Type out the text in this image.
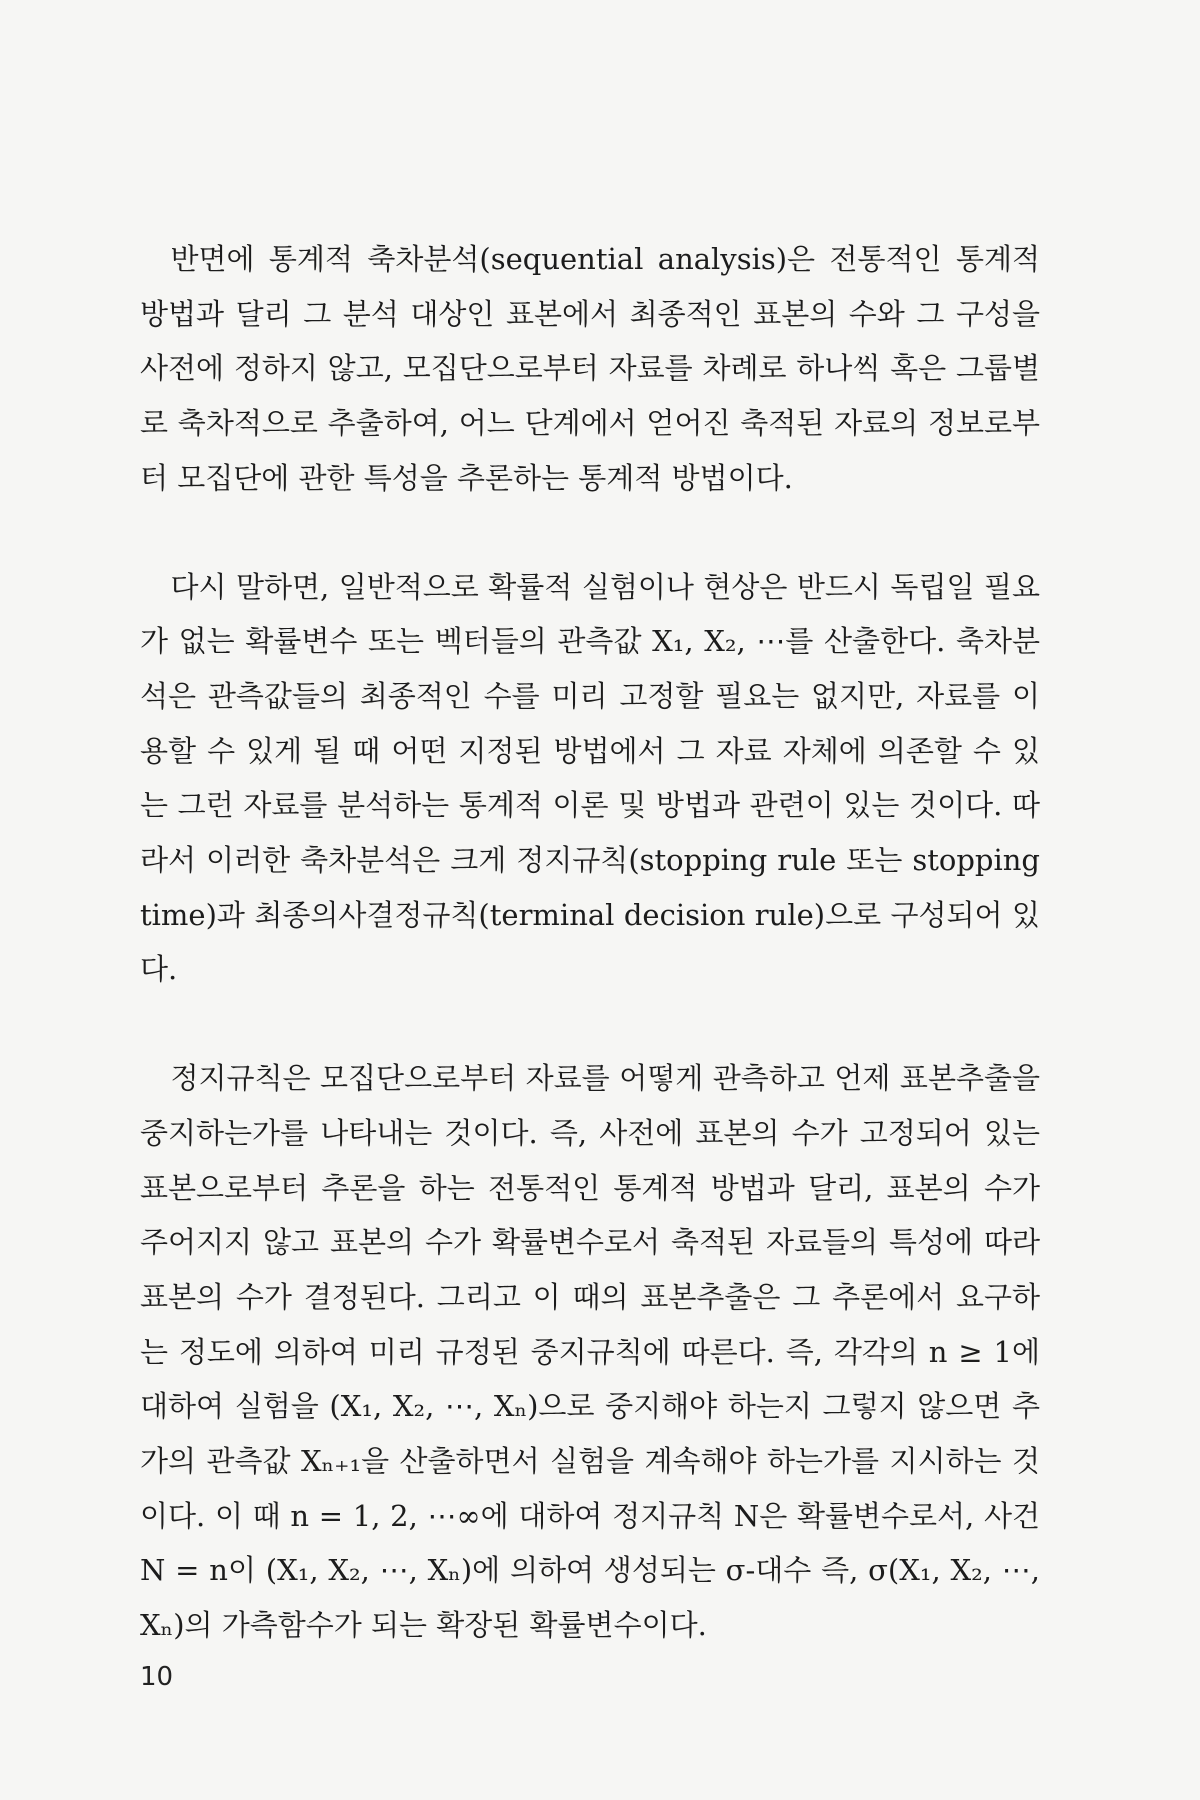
반면에 통계적 축차분석(sequential analysis)은 전통적인 통계적 방법과 달리 그 분석 대상인 표본에서 최종적인 표본의 수와 그 구성을 사전에 정하지 않고, 모집단으로부터 자료를 차례로 하나씩 혹은 그룹별로 축차적으로 추출하여, 어느 단계에서 얻어진 축적된 자료의 정보로부터 모집단에 관한 특성을 추론하는 통계적 방법이다.

다시 말하면, 일반적으로 확률적 실험이나 현상은 반드시 독립일 필요가 없는 확률변수 또는 벡터들의 관측값 X₁, X₂, ⋯를 산출한다. 축차분석은 관측값들의 최종적인 수를 미리 고정할 필요는 없지만, 자료를 이용할 수 있게 될 때 어떤 지정된 방법에서 그 자료 자체에 의존할 수 있는 그런 자료를 분석하는 통계적 이론 및 방법과 관련이 있는 것이다. 따라서 이러한 축차분석은 크게 정지규칙(stopping rule 또는 stopping time)과 최종의사결정규칙(terminal decision rule)으로 구성되어 있다.

정지규칙은 모집단으로부터 자료를 어떻게 관측하고 언제 표본추출을 중지하는가를 나타내는 것이다. 즉, 사전에 표본의 수가 고정되어 있는 표본으로부터 추론을 하는 전통적인 통계적 방법과 달리, 표본의 수가 주어지지 않고 표본의 수가 확률변수로서 축적된 자료들의 특성에 따라 표본의 수가 결정된다. 그리고 이 때의 표본추출은 그 추론에서 요구하는 정도에 의하여 미리 규정된 중지규칙에 따른다. 즉, 각각의 n ≥ 1에 대하여 실험을 (X₁, X₂, ⋯, Xₙ)으로 중지해야 하는지 그렇지 않으면 추가의 관측값 Xₙ₊₁을 산출하면서 실험을 계속해야 하는가를 지시하는 것이다. 이 때 n = 1, 2, ⋯∞에 대하여 정지규칙 N은 확률변수로서, 사건 N = n이 (X₁, X₂, ⋯, Xₙ)에 의하여 생성되는 σ-대수 즉, σ(X₁, X₂, ⋯, Xₙ)의 가측함수가 되는 확장된 확률변수이다.

10
